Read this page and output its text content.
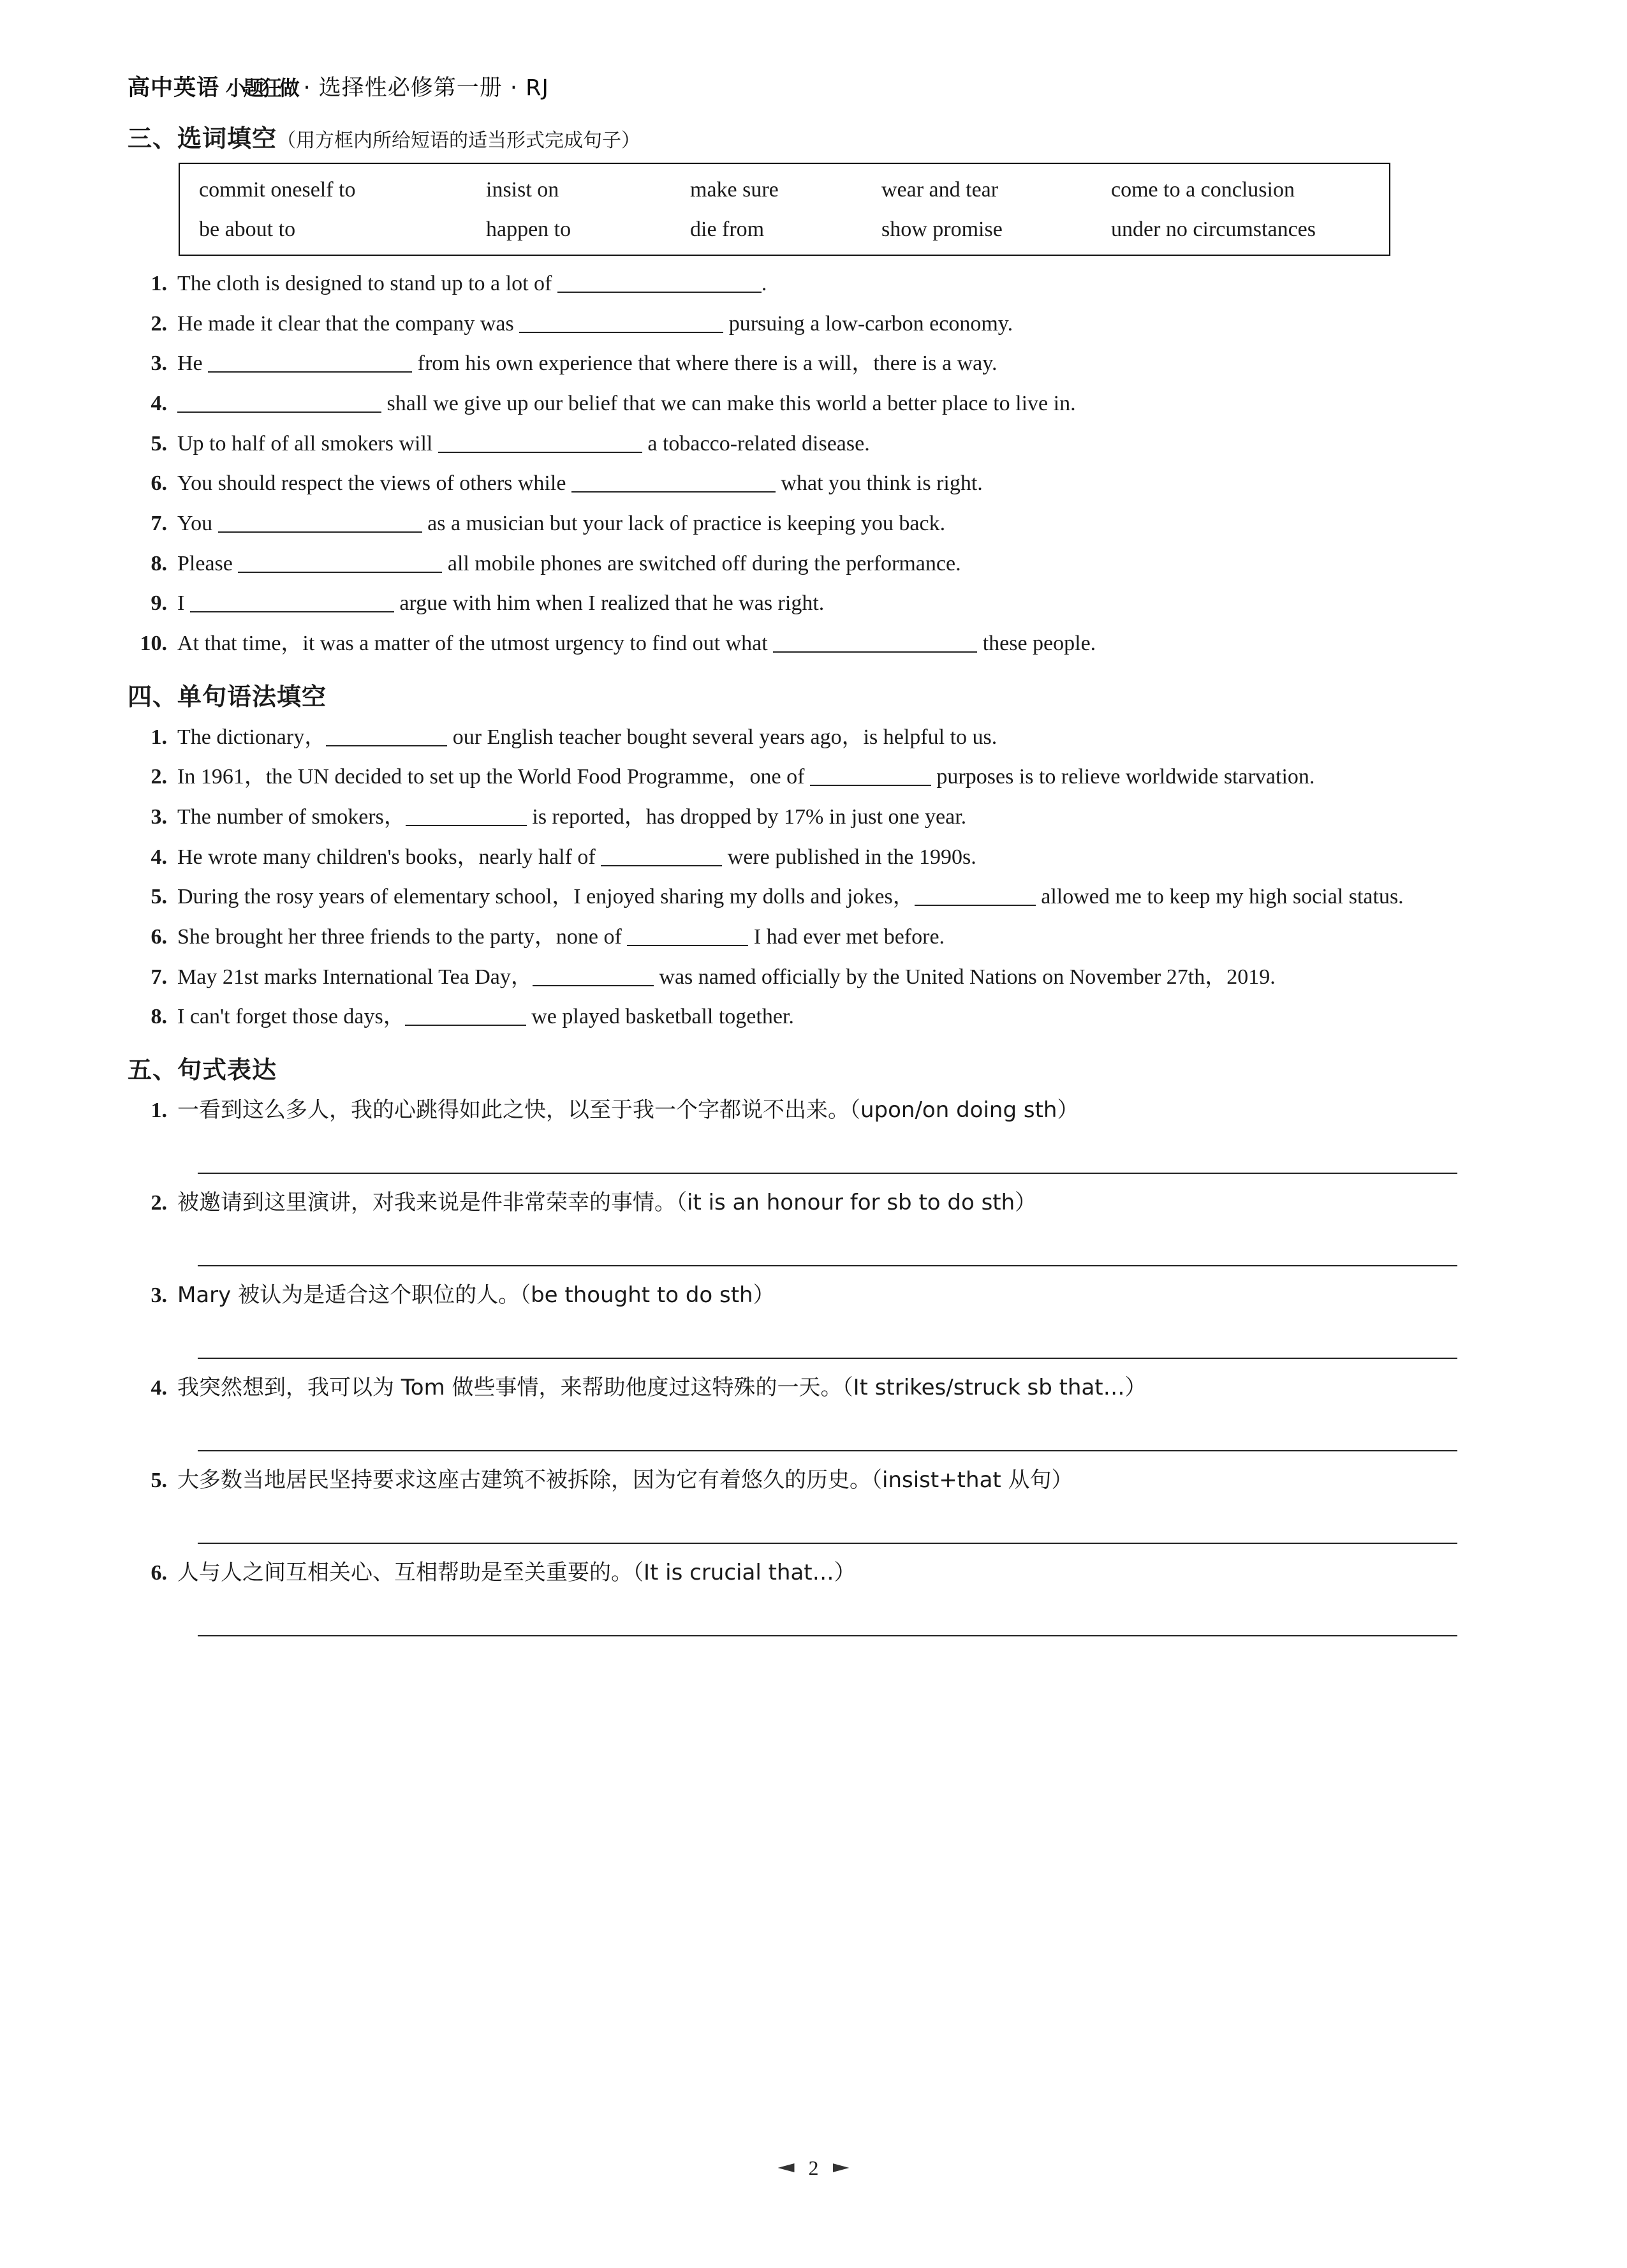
高中英语 小题狂做 · 选择性必修第一册 · RJ
三、选词填空（用方框内所给短语的适当形式完成句子）
commit oneself to	insist on	make sure	wear and tear	come to a conclusion
be about to	happen to	die from	show promise	under no circumstances
1. The cloth is designed to stand up to a lot of	.
2. He made it clear that the company was	pursuing a low-carbon economy.
3. He	from his own experience that where there is a will，there is a way.
4.	shall we give up our belief that we can make this world a better place to live in.
5. Up to half of all smokers will	a tobacco-related disease.
6. You should respect the views of others while	what you think is right.
7. You	as a musician but your lack of practice is keeping you back.
8. Please	all mobile phones are switched off during the performance.
9. I	argue with him when I realized that he was right.
10. At that time，it was a matter of the utmost urgency to find out what	these people.
四、单句语法填空
1. The dictionary，	our English teacher bought several years ago，is helpful to us.
2. In 1961，the UN decided to set up the World Food Programme，one of	purposes is to relieve worldwide starvation.
3. The number of smokers，	is reported，has dropped by 17% in just one year.
4. He wrote many children's books，nearly half of	were published in the 1990s.
5. During the rosy years of elementary school，I enjoyed sharing my dolls and jokes，	allowed me to keep my high social status.
6. She brought her three friends to the party，none of	I had ever met before.
7. May 21st marks International Tea Day，	was named officially by the United Nations on November 27th，2019.
8. I can't forget those days，	we played basketball together.
五、句式表达
1. 一看到这么多人，我的心跳得如此之快，以至于我一个字都说不出来。（upon/on doing sth）
2. 被邀请到这里演讲，对我来说是件非常荣幸的事情。（it is an honour for sb to do sth）
3. Mary 被认为是适合这个职位的人。（be thought to do sth）
4. 我突然想到，我可以为 Tom 做些事情，来帮助他度过这特殊的一天。（It strikes/struck sb that…）
5. 大多数当地居民坚持要求这座古建筑不被拆除，因为它有着悠久的历史。（insist+that 从句）
6. 人与人之间互相关心、互相帮助是至关重要的。（It is crucial that…）
2
